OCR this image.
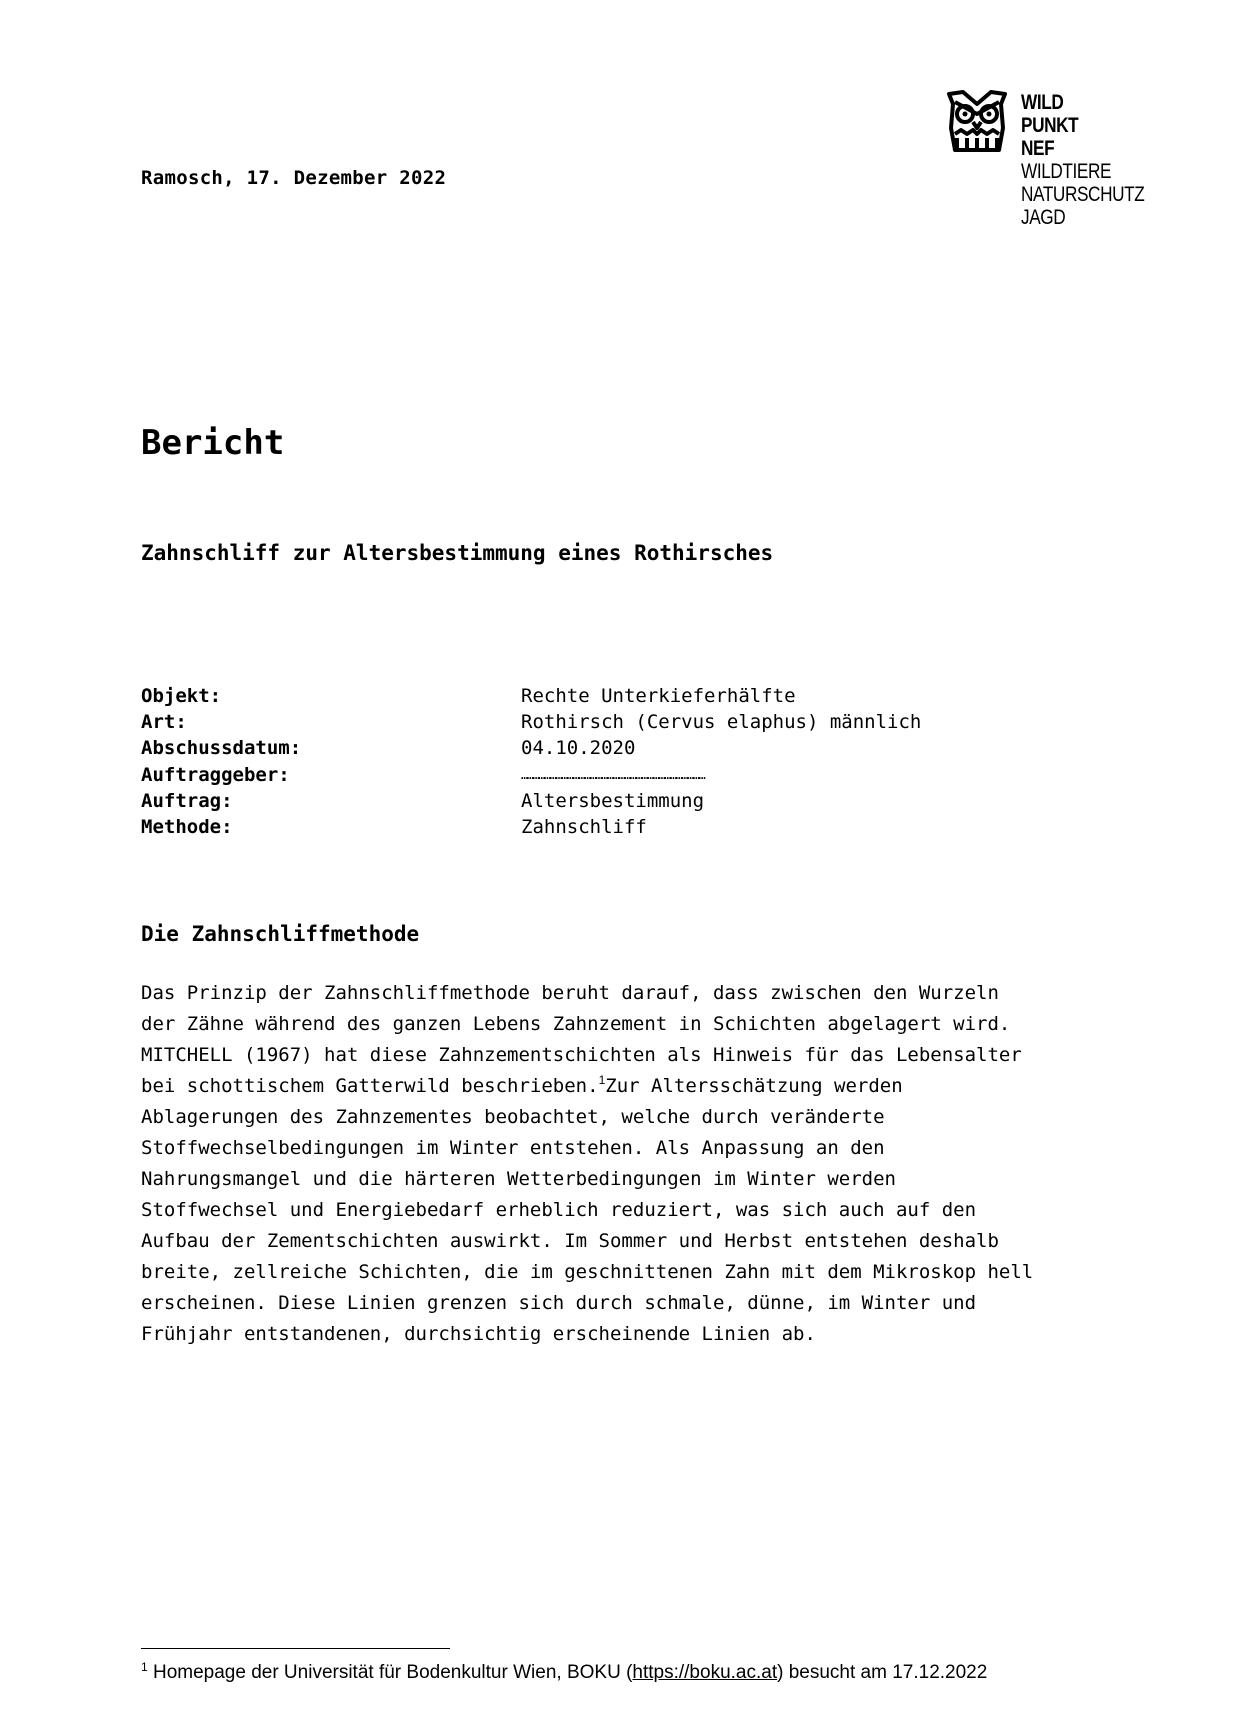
Ramosch, 17. Dezember 2022
WILD
PUNKT
NEF
WILDTIERE
NATURSCHUTZ
JAGD
Bericht
Zahnschliff zur Altersbestimmung eines Rothirsches
Objekt:	Rechte Unterkieferhälfte
Art:	Rothirsch (Cervus elaphus) männlich
Abschussdatum:	04.10.2020
Auftraggeber:	……………………………………………………………………………………
Auftrag:	Altersbestimmung
Methode:	Zahnschliff
Die Zahnschliffmethode
Das Prinzip der Zahnschliffmethode beruht darauf, dass zwischen den Wurzeln
der Zähne während des ganzen Lebens Zahnzement in Schichten abgelagert wird.
MITCHELL (1967) hat diese Zahnzementschichten als Hinweis für das Lebensalter
bei schottischem Gatterwild beschrieben.$^1$Zur Altersschätzung werden
Ablagerungen des Zahnzementes beobachtet, welche durch veränderte
Stoffwechselbedingungen im Winter entstehen. Als Anpassung an den
Nahrungsmangel und die härteren Wetterbedingungen im Winter werden
Stoffwechsel und Energiebedarf erheblich reduziert, was sich auch auf den
Aufbau der Zementschichten auswirkt. Im Sommer und Herbst entstehen deshalb
breite, zellreiche Schichten, die im geschnittenen Zahn mit dem Mikroskop hell
erscheinen. Diese Linien grenzen sich durch schmale, dünne, im Winter und
Frühjahr entstandenen, durchsichtig erscheinende Linien ab.
$^1$ Homepage der Universität für Bodenkultur Wien, BOKU (https://boku.ac.at) besucht am 17.12.2022
